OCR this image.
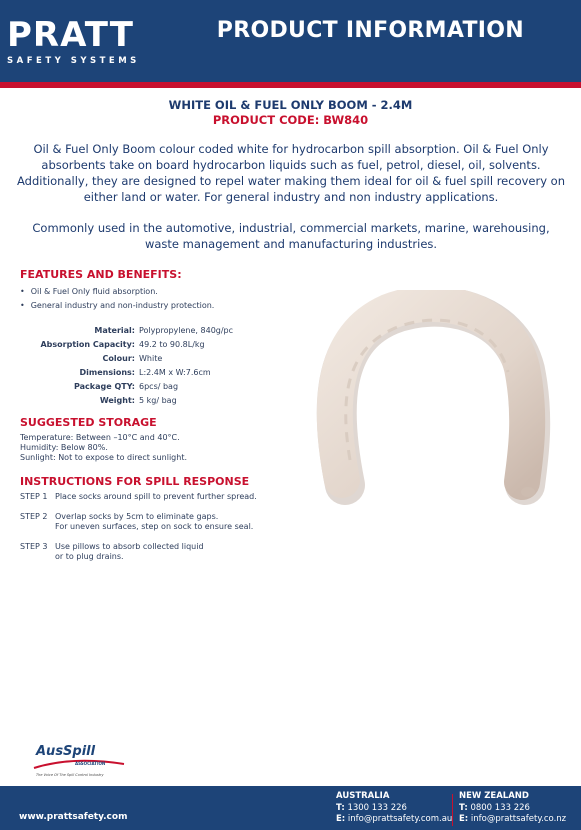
PRATT
SAFETY SYSTEMS
PRODUCT INFORMATION
WHITE OIL & FUEL ONLY BOOM - 2.4M
PRODUCT CODE: BW840
Oil & Fuel Only Boom colour coded white for hydrocarbon spill absorption. Oil & Fuel Only absorbents take on board hydrocarbon liquids such as fuel, petrol, diesel, oil, solvents. Additionally, they are designed to repel water making them ideal for oil & fuel spill recovery on either land or water. For general industry and non industry applications.
Commonly used in the automotive, industrial, commercial markets, marine, warehousing, waste management and manufacturing industries.
FEATURES AND BENEFITS:
• Oil & Fuel Only fluid absorption.
• General industry and non-industry protection.
Material: Polypropylene, 840g/pc
Absorption Capacity: 49.2 to 90.8L/kg
Colour: White
Dimensions: L:2.4M x W:7.6cm
Package QTY: 6pcs/ bag
Weight: 5 kg/ bag
SUGGESTED STORAGE
Temperature: Between –10°C and 40°C.
Humidity: Below 80%.
Sunlight: Not to expose to direct sunlight.
INSTRUCTIONS FOR SPILL RESPONSE
STEP 1 Place socks around spill to prevent further spread.
STEP 2 Overlap socks by 5cm to eliminate gaps.
For uneven surfaces, step on sock to ensure seal.
STEP 3 Use pillows to absorb collected liquid
or to plug drains.
AusSpill
ASSOCIATION
The Voice Of The Spill Control Industry
www.prattsafety.com
AUSTRALIA
T: 1300 133 226
E: info@prattsafety.com.au
NEW ZEALAND
T: 0800 133 226
E: info@prattsafety.co.nz
